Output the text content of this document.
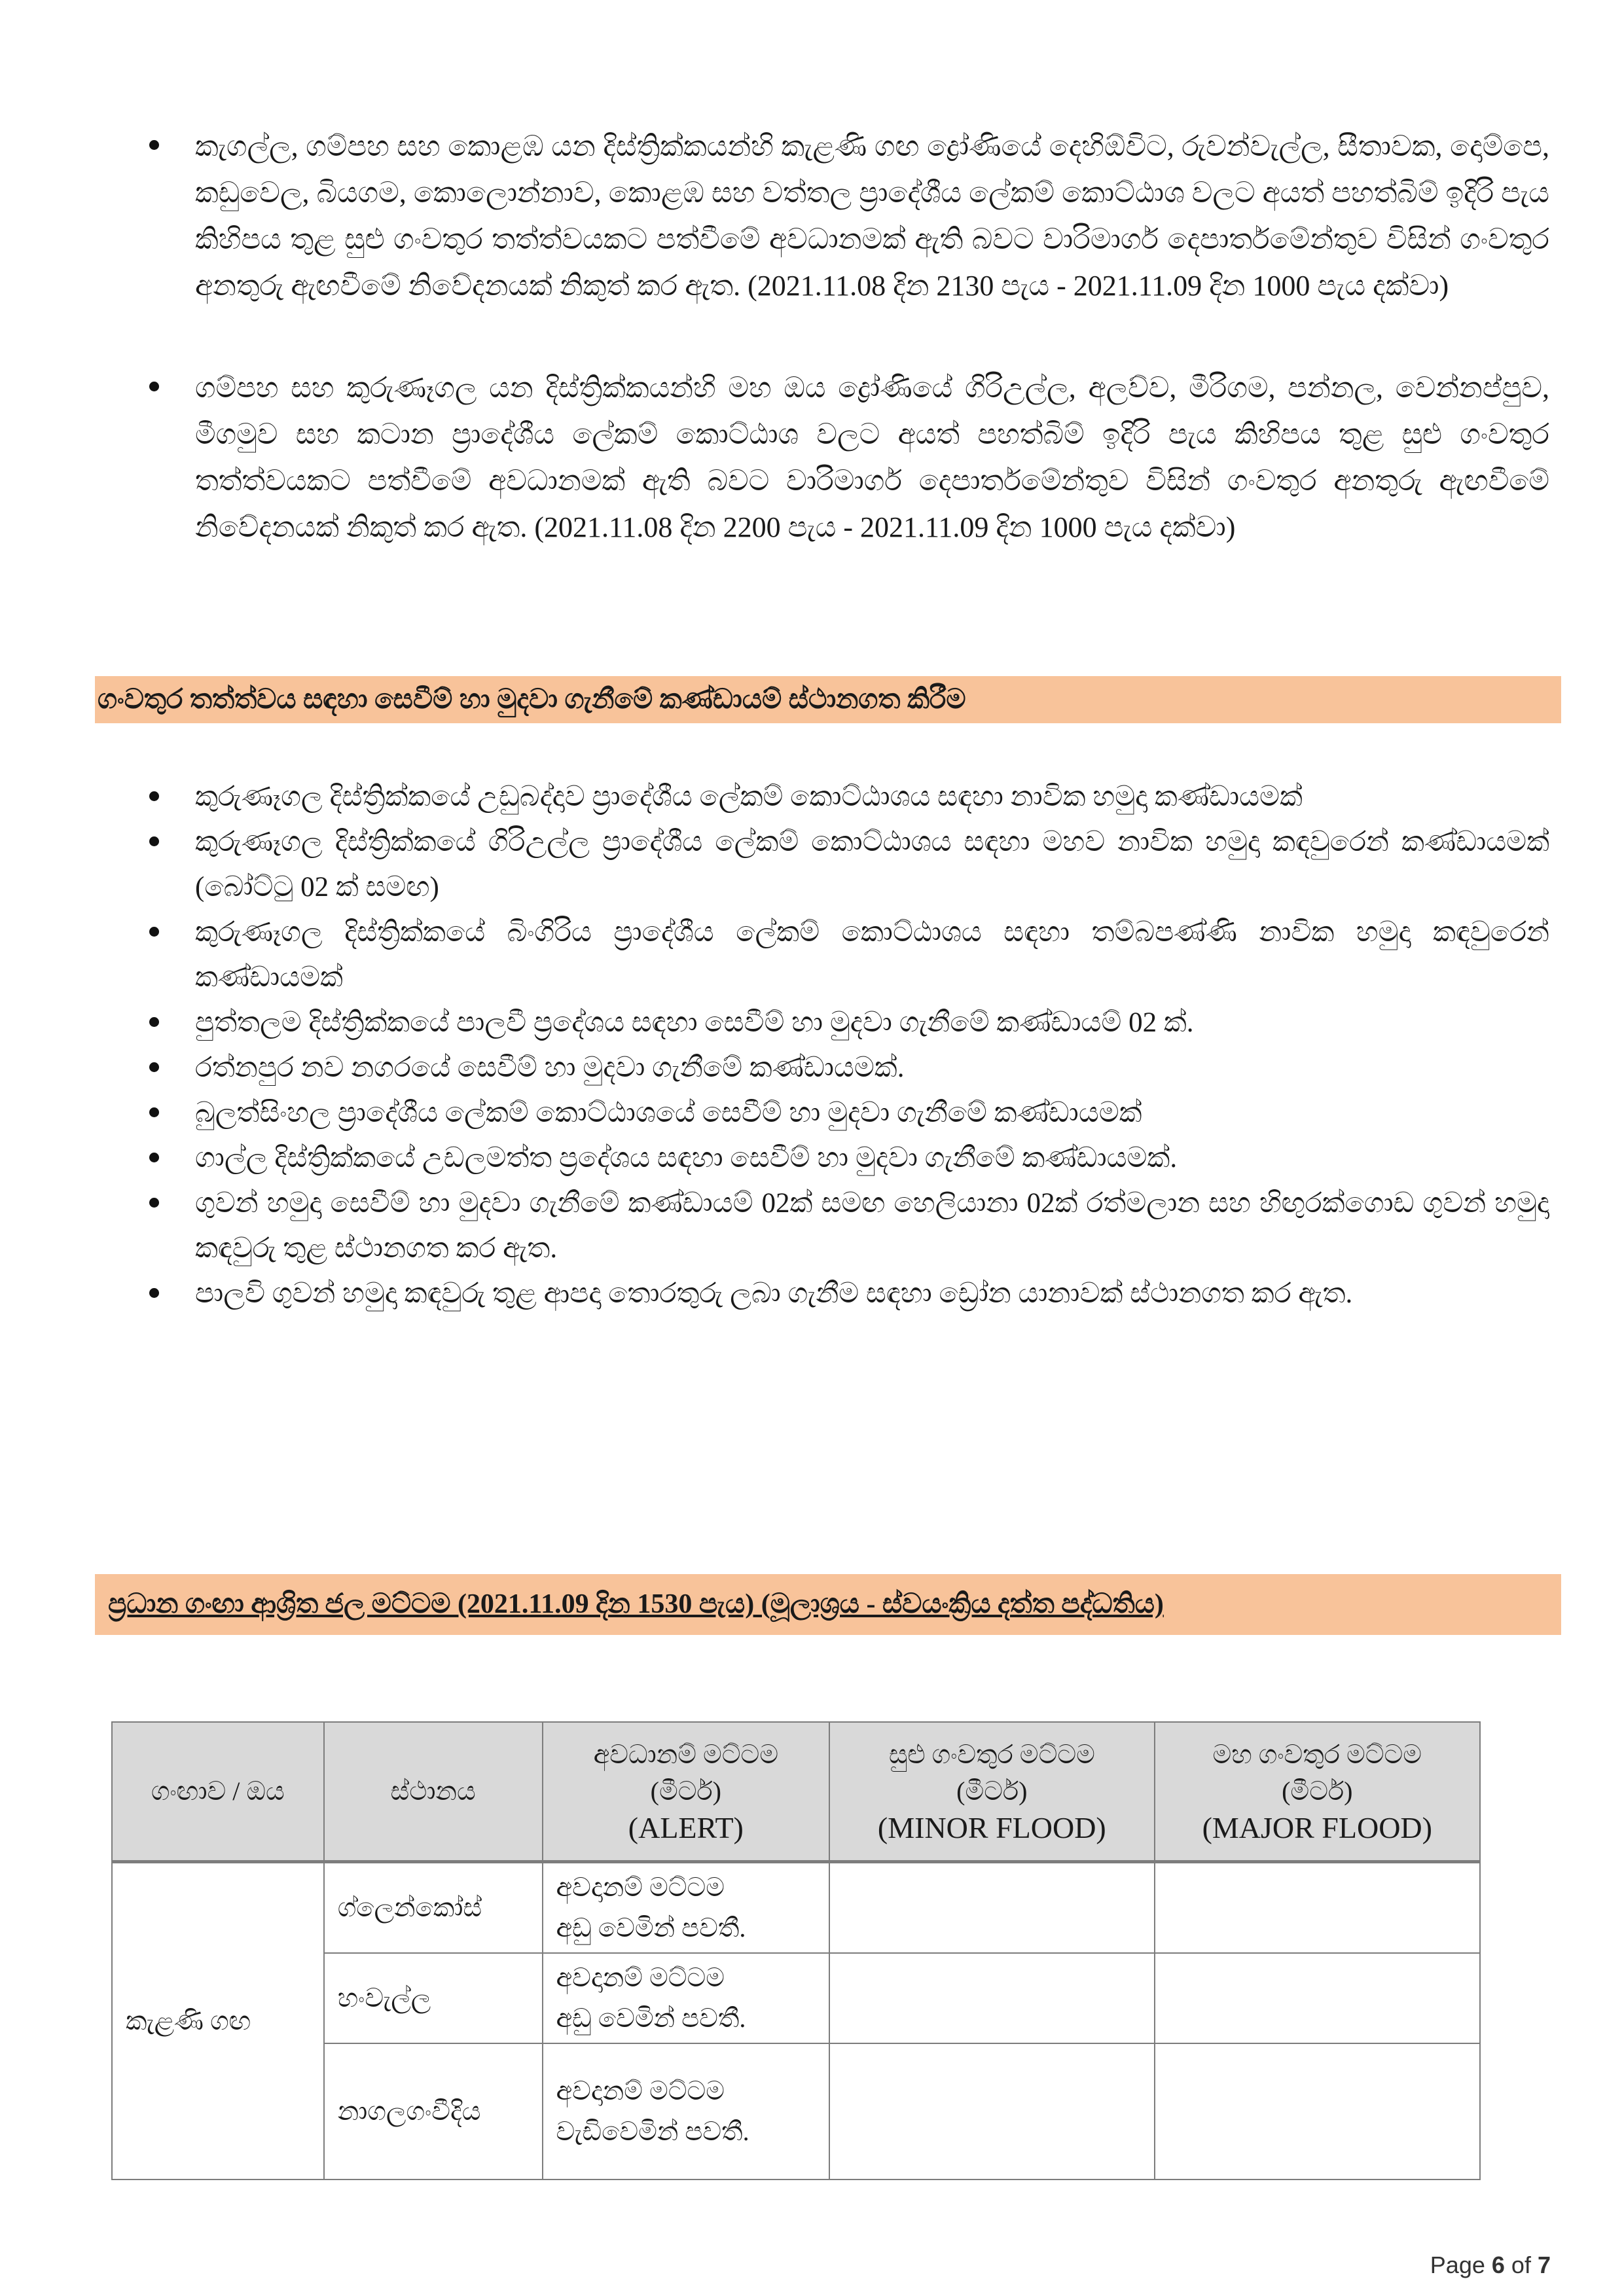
කැගල්ල, ගම්පහ සහ කොළඹ යන දිස්ත්‍රික්කයන්හි කැළණි ගඟ ද්‍රෝණියේ දෙහිඕවිට, රුවන්වැල්ල, සීතාවක, දොම්පෙ, කඩුවෙල, බියගම, කොලොන්නාව, කොළඹ සහ වත්තල ප්‍රාදේශීය ලේකම් කොට්ඨාශ වලට අයත් පහත්බිම් ඉදිරි පැය කිහිපය තුළ සුළු ගංවතුර තත්ත්වයකට පත්වීමේ අවධානමක් ඇති බවට වාරිමාර්ග දෙපාර්තමේන්තුව විසින් ගංවතුර අනතුරු ඇඟවීමේ නිවේදනයක් නිකුත් කර ඇත. (2021.11.08 දින 2130 පැය - 2021.11.09 දින 1000 පැය දක්වා)
ගම්පහ සහ කුරුණෑගල යන දිස්ත්‍රික්කයන්හි මහ ඔය ද්‍රෝණියේ ගිරිඋල්ල, අලව්ව, මීරිගම, පන්නල, වෙන්නප්පුව, මීගමුව සහ කටාන ප්‍රාදේශීය ලේකම් කොට්ඨාශ වලට අයත් පහත්බිම් ඉදිරි පැය කිහිපය තුළ සුළු ගංවතුර තත්ත්වයකට පත්වීමේ අවධානමක් ඇති බවට වාරිමාර්ග දෙපාර්තමේන්තුව විසින් ගංවතුර අනතුරු ඇඟවීමේ නිවේදනයක් නිකුත් කර ඇත. (2021.11.08 දින 2200 පැය - 2021.11.09 දින 1000 පැය දක්වා)
ගංවතුර තත්ත්වය සඳහා සෙවීම් හා මුදවා ගැනීමේ කණ්ඩායම් ස්ථානගත කිරීම
කුරුණෑගල දිස්ත්‍රික්කයේ උඩුබද්දාව ප්‍රාදේශීය ලේකම් කොට්ඨාශය සඳහා නාවික හමුදා කණ්ඩායමක්
කුරුණෑගල දිස්ත්‍රික්කයේ ගිරිඋල්ල ප්‍රාදේශීය ලේකම් කොට්ඨාශය සඳහා මහව නාවික හමුදා කඳවුරෙන් කණ්ඩායමක් (බෝට්ටු 02 ක් සමඟ)
කුරුණෑගල දිස්ත්‍රික්කයේ බිංගිරිය ප්‍රාදේශීය ලේකම් කොට්ඨාශය සඳහා තම්බපණ්ණි නාවික හමුදා කඳවුරෙන් කණ්ඩායමක්
පුත්තලම දිස්ත්‍රික්කයේ පාලවී ප්‍රදේශය සඳහා සෙවීම් හා මුදවා ගැනීමේ කණ්ඩායම් 02 ක්.
රත්නපුර නව නගරයේ සෙවීම් හා මුදවා ගැනීමේ කණ්ඩායමක්.
බුලත්සිංහල ප්‍රාදේශීය ලේකම් කොට්ඨාශයේ සෙවීම් හා මුදවා ගැනීමේ කණ්ඩායමක්
ගාල්ල දිස්ත්‍රික්කයේ උඩලමත්ත ප්‍රදේශය සඳහා සෙවීම් හා මුදවා ගැනීමේ කණ්ඩායමක්.
ගුවන් හමුදා සෙවීම් හා මුදවා ගැනීමේ කණ්ඩායම් 02ක් සමඟ හෙලියානා 02ක් රත්මලාන සහ හිඟුරක්ගොඩ ගුවන් හමුදා කඳවුරු තුළ ස්ථානගත කර ඇත.
පාලවි ගුවන් හමුදා කඳවුරු තුළ ආපදා තොරතුරු ලබා ගැනීම සඳහා ඩ්‍රෝන යානාවක් ස්ථානගත කර ඇත.
ප්‍රධාන ගංඟා ආශ්‍රිත ජල මට්ටම (2021.11.09 දින 1530 පැය) (මූලාශ්‍රය - ස්වයංක්‍රිය දත්ත පද්ධතිය)
ගංඟාව / ඔය	ස්ථානය	අවධානම් මට්ටම
(මීටර්)
(ALERT)	සුළු ගංවතුර මට්ටම
(මීටර්)
(MINOR FLOOD)	මහ ගංවතුර මට්ටම
(මීටර්)
(MAJOR FLOOD)

කැළණි ගඟ	ග්ලෙන්කෝස්	අවදානම් මට්ටම
අඩු වෙමින් පවතී.		

	හංවැල්ල	අවදානම් මට්ටම
අඩු වෙමින් පවතී.		

	නාගලගංවීදිය	අවදානම් මට්ටම
වැඩිවෙමින් පවතී.		

Page 6 of 7
